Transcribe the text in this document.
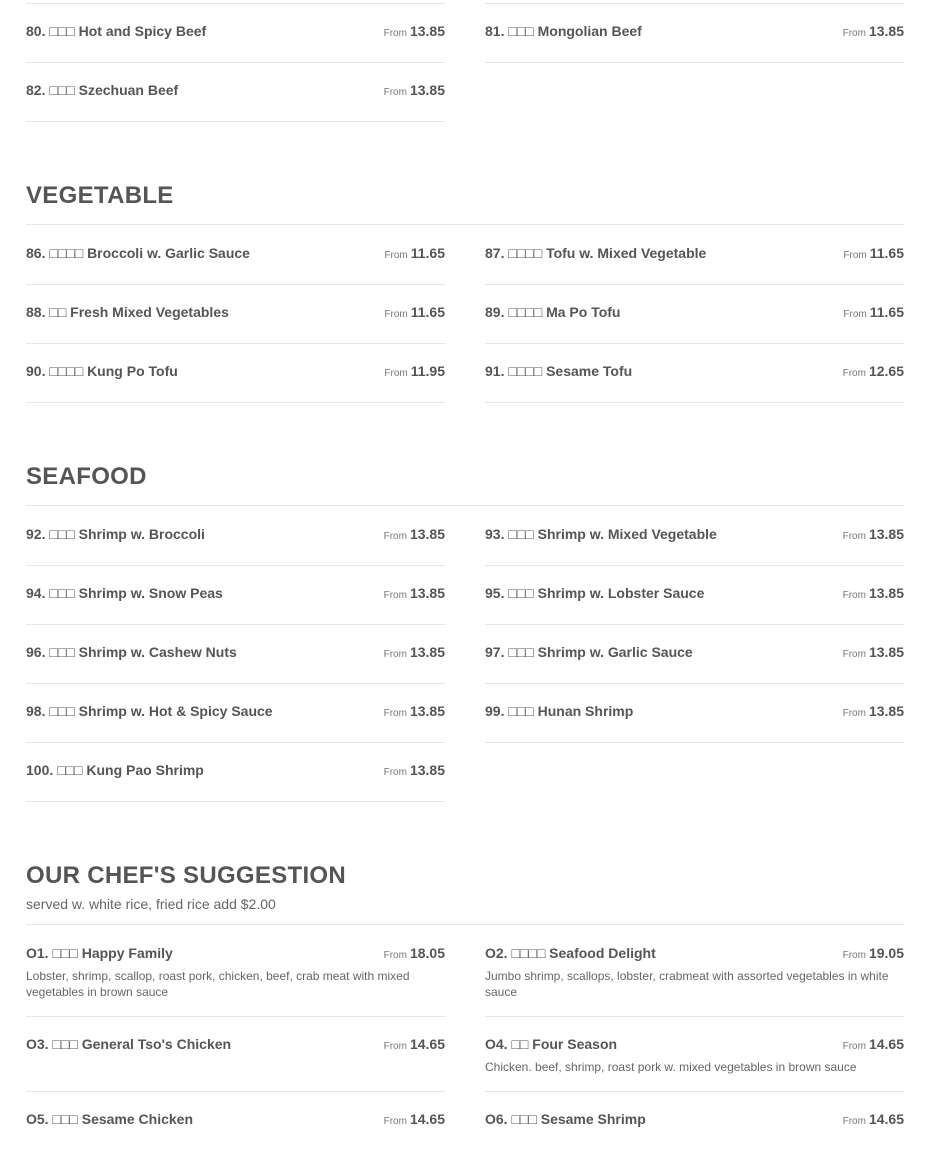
80. □□□ Hot and Spicy Beef	From 13.85	81. □□□ Mongolian Beef	From 13.85
82. □□□ Szechuan Beef	From 13.85
VEGETABLE
86. □□□□ Broccoli w. Garlic Sauce	From 11.65	87. □□□□ Tofu w. Mixed Vegetable	From 11.65
88. □□ Fresh Mixed Vegetables	From 11.65	89. □□□□ Ma Po Tofu	From 11.65
90. □□□□ Kung Po Tofu	From 11.95	91. □□□□ Sesame Tofu	From 12.65
SEAFOOD
92. □□□ Shrimp w. Broccoli	From 13.85	93. □□□ Shrimp w. Mixed Vegetable	From 13.85
94. □□□ Shrimp w. Snow Peas	From 13.85	95. □□□ Shrimp w. Lobster Sauce	From 13.85
96. □□□ Shrimp w. Cashew Nuts	From 13.85	97. □□□ Shrimp w. Garlic Sauce	From 13.85
98. □□□ Shrimp w. Hot & Spicy Sauce	From 13.85	99. □□□ Hunan Shrimp	From 13.85
100. □□□ Kung Pao Shrimp	From 13.85
OUR CHEF'S SUGGESTION
served w. white rice, fried rice add $2.00
O1. □□□ Happy Family	From 18.05
Lobster, shrimp, scallop, roast pork, chicken, beef, crab meat with mixed vegetables in brown sauce
O2. □□□□ Seafood Delight	From 19.05
Jumbo shrimp, scallops, lobster, crabmeat with assorted vegetables in white sauce
O3. □□□ General Tso's Chicken	From 14.65	O4. □□ Four Season	From 14.65
Chicken. beef, shrimp, roast pork w. mixed vegetables in brown sauce
O5. □□□ Sesame Chicken	From 14.65	O6. □□□ Sesame Shrimp	From 14.65
